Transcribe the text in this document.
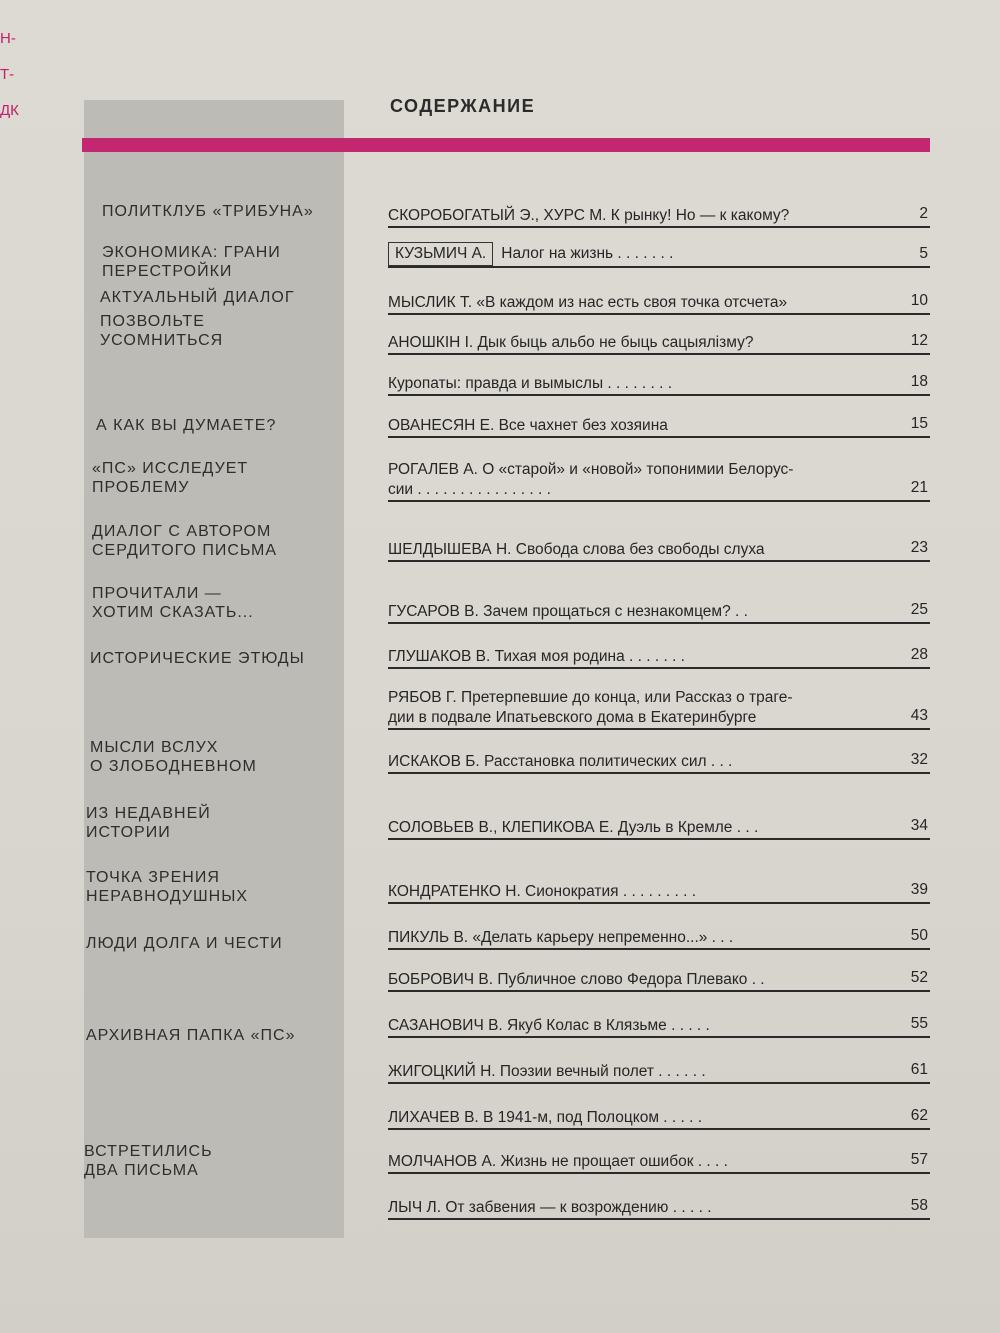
Н-
Т-
ДК
ПОЛИТКЛУБ «ТРИБУНА»
ЭКОНОМИКА: ГРАНИ
ПЕРЕСТРОЙКИ
АКТУАЛЬНЫЙ ДИАЛОГ
ПОЗВОЛЬТЕ
УСОМНИТЬСЯ
А КАК ВЫ ДУМАЕТЕ?
«ПС» ИССЛЕДУЕТ
ПРОБЛЕМУ
ДИАЛОГ С АВТОРОМ
СЕРДИТОГО ПИСЬМА
ПРОЧИТАЛИ —
ХОТИМ СКАЗАТЬ...
ИСТОРИЧЕСКИЕ ЭТЮДЫ
МЫСЛИ ВСЛУХ
О ЗЛОБОДНЕВНОМ
ИЗ НЕДАВНЕЙ
ИСТОРИИ
ТОЧКА ЗРЕНИЯ
НЕРАВНОДУШНЫХ
ЛЮДИ ДОЛГА И ЧЕСТИ
АРХИВНАЯ ПАПКА «ПС»
ВСТРЕТИЛИСЬ
ДВА ПИСЬМА
СОДЕРЖАНИЕ
СКОРОБОГАТЫЙ Э., ХУРС М. К рынку! Но — к какому?	2
КУЗЬМИЧ А. Налог на жизнь . . . . . . .	5
МЫСЛИК Т. «В каждом из нас есть своя точка отсчета»	10
АНОШКІН І. Дык быць альбо не быць сацыялізму?	12
Куропаты: правда и вымыслы . . . . . . . .	18
ОВАНЕСЯН Е. Все чахнет без хозяина	15
РОГАЛЕВ А. О «старой» и «новой» топонимии Белорус-
сии . . . . . . . . . . . . . . . .	21
ШЕЛДЫШЕВА Н. Свобода слова без свободы слуха	23
ГУСАРОВ В. Зачем прощаться с незнакомцем? . .	25
ГЛУШАКОВ В. Тихая моя родина . . . . . . .	28
РЯБОВ Г. Претерпевшие до конца, или Рассказ о траге-
дии в подвале Ипатьевского дома в Екатеринбурге	43
ИСКАКОВ Б. Расстановка политических сил . . .	32
СОЛОВЬЕВ В., КЛЕПИКОВА Е. Дуэль в Кремле . . .	34
КОНДРАТЕНКО Н. Сионократия . . . . . . . . .	39
ПИКУЛЬ В. «Делать карьеру непременно...» . . .	50
БОБРОВИЧ В. Публичное слово Федора Плевако . .	52
САЗАНОВИЧ В. Якуб Колас в Клязьме . . . . .	55
ЖИГОЦКИЙ Н. Поэзии вечный полет . . . . . .	61
ЛИХАЧЕВ В. В 1941-м, под Полоцком . . . . .	62
МОЛЧАНОВ А. Жизнь не прощает ошибок . . . .	57
ЛЫЧ Л. От забвения — к возрождению . . . . .	58
